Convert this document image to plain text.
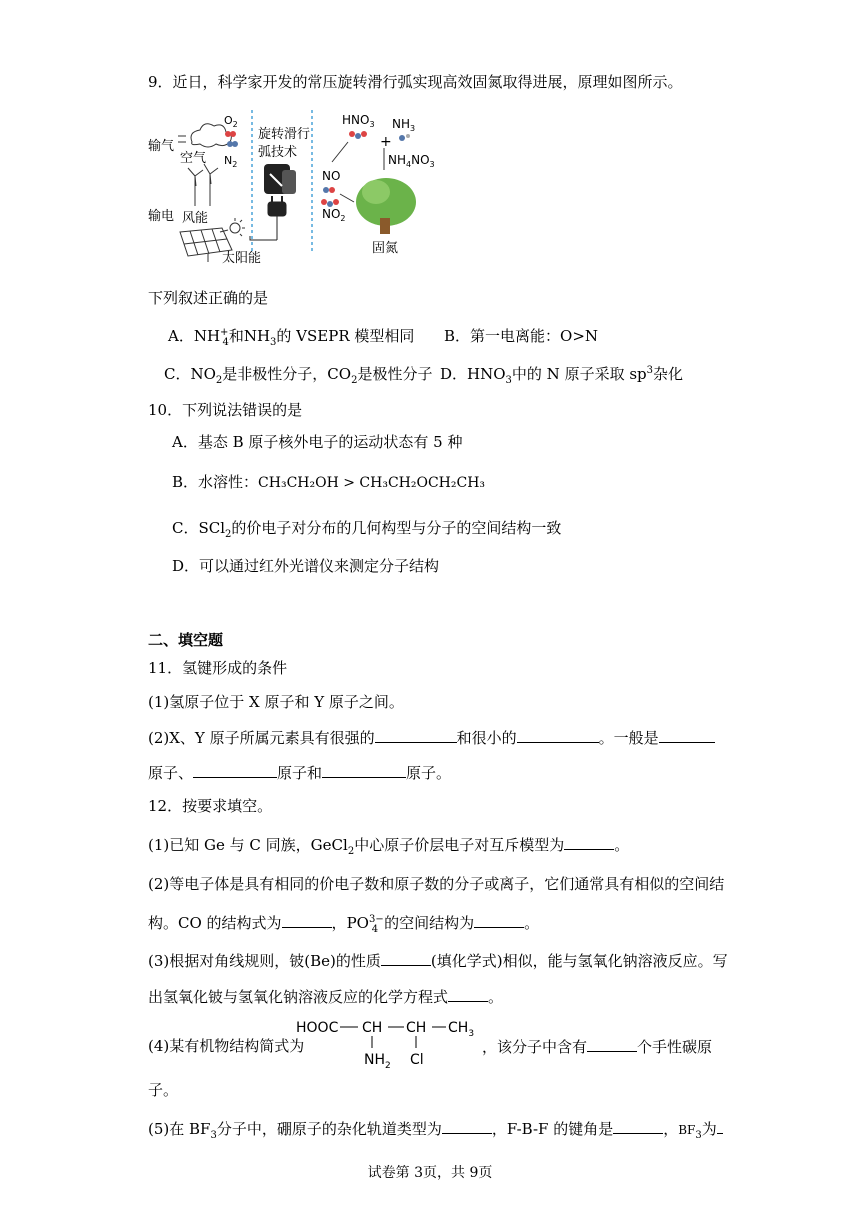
9．近日，科学家开发的常压旋转滑行弧实现高效固氮取得进展，原理如图所示。
输气
空气
$O_2$
$N_2$
输电 风能
太阳能
旋转滑行
弧技术
$HNO_3$ $NH_3$
+
$NH_4NO_3$
NO
$NO_2$
固氮
下列叙述正确的是
A．$NH^+_4$和$NH_3$的 VSEPR 模型相同 B．第一电离能：O>N
C．$NO_2$是非极性分子，$CO_2$是极性分子 D．$HNO_3$中的 N 原子采取 $sp^3$杂化
10．下列说法错误的是
A．基态 B 原子核外电子的运动状态有 5 种
B．水溶性：CH₃CH₂OH > CH₃CH₂OCH₂CH₃
C．SCl$_2$的价电子对分布的几何构型与分子的空间结构一致
D．可以通过红外光谱仪来测定分子结构
二、填空题
11．氢键形成的条件
(1)氢原子位于 X 原子和 Y 原子之间。
(2)X、Y 原子所属元素具有很强的	和很小的	。一般是
原子、	原子和	原子。
12．按要求填空。
(1)已知 Ge 与 C 同族，GeCl$_2$中心原子价层电子对互斥模型为	。
(2)等电子体是具有相同的价电子数和原子数的分子或离子，它们通常具有相似的空间结
构。CO 的结构式为	，$PO^{3-}_4$ 的空间结构为	。
(3)根据对角线规则，铍(Be)的性质	(填化学式)相似，能与氢氧化钠溶液反应。写
出氢氧化铍与氢氧化钠溶液反应的化学方程式	。
(4)某有机物结构简式为
HOOC CH CH $CH_3$
$NH_2$ Cl
，该分子中含有	个手性碳原
子。
(5)在 $BF_3$分子中，硼原子的杂化轨道类型为	，F-B-F 的键角是	，$BF_3$为
试卷第 3页，共 9页
